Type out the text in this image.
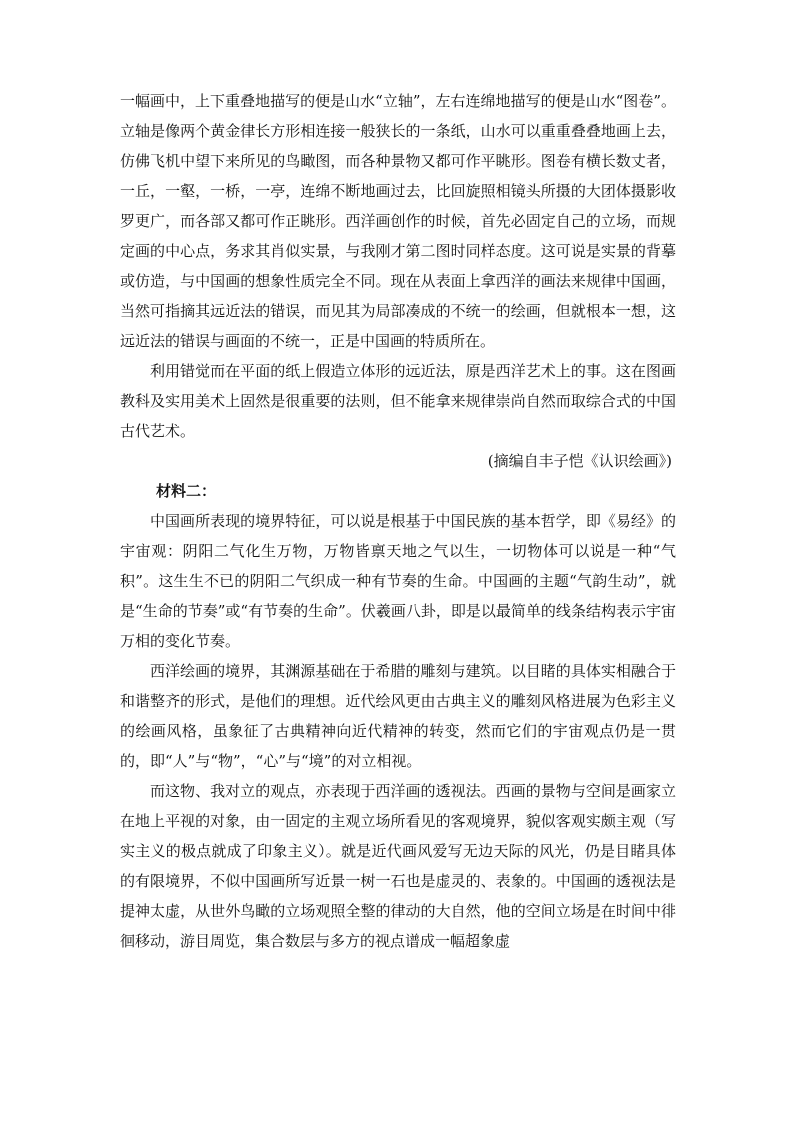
一幅画中，上下重叠地描写的便是山水“立轴”，左右连绵地描写的便是山水“图卷”。立轴是像两个黄金律长方形相连接一般狭长的一条纸，山水可以重重叠叠地画上去，仿佛飞机中望下来所见的鸟瞰图，而各种景物又都可作平眺形。图卷有横长数丈者，一丘，一壑，一桥，一亭，连绵不断地画过去，比回旋照相镜头所摄的大团体摄影收罗更广，而各部又都可作正眺形。西洋画创作的时候，首先必固定自己的立场，而规定画的中心点，务求其肖似实景，与我刚才第二图时同样态度。这可说是实景的背摹或仿造，与中国画的想象性质完全不同。现在从表面上拿西洋的画法来规律中国画，当然可指摘其远近法的错误，而见其为局部凑成的不统一的绘画，但就根本一想，这远近法的错误与画面的不统一，正是中国画的特质所在。

利用错觉而在平面的纸上假造立体形的远近法，原是西洋艺术上的事。这在图画教科及实用美术上固然是很重要的法则，但不能拿来规律崇尚自然而取综合式的中国古代艺术。

(摘编自丰子恺《认识绘画》)

材料二：

中国画所表现的境界特征，可以说是根基于中国民族的基本哲学，即《易经》的宇宙观：阴阳二气化生万物，万物皆禀天地之气以生，一切物体可以说是一种“气积”。这生生不已的阴阳二气织成一种有节奏的生命。中国画的主题“气韵生动”，就是“生命的节奏”或“有节奏的生命”。伏羲画八卦，即是以最简单的线条结构表示宇宙万相的变化节奏。

西洋绘画的境界，其渊源基础在于希腊的雕刻与建筑。以目睹的具体实相融合于和谐整齐的形式，是他们的理想。近代绘风更由古典主义的雕刻风格进展为色彩主义的绘画风格，虽象征了古典精神向近代精神的转变，然而它们的宇宙观点仍是一贯的，即“人”与“物”，“心”与“境”的对立相视。

而这物、我对立的观点，亦表现于西洋画的透视法。西画的景物与空间是画家立在地上平视的对象，由一固定的主观立场所看见的客观境界，貌似客观实颇主观（写实主义的极点就成了印象主义）。就是近代画风爱写无边天际的风光，仍是目睹具体的有限境界，不似中国画所写近景一树一石也是虚灵的、表象的。中国画的透视法是提神太虚，从世外鸟瞰的立场观照全整的律动的大自然，他的空间立场是在时间中徘徊移动，游目周览，集合数层与多方的视点谱成一幅超象虚
